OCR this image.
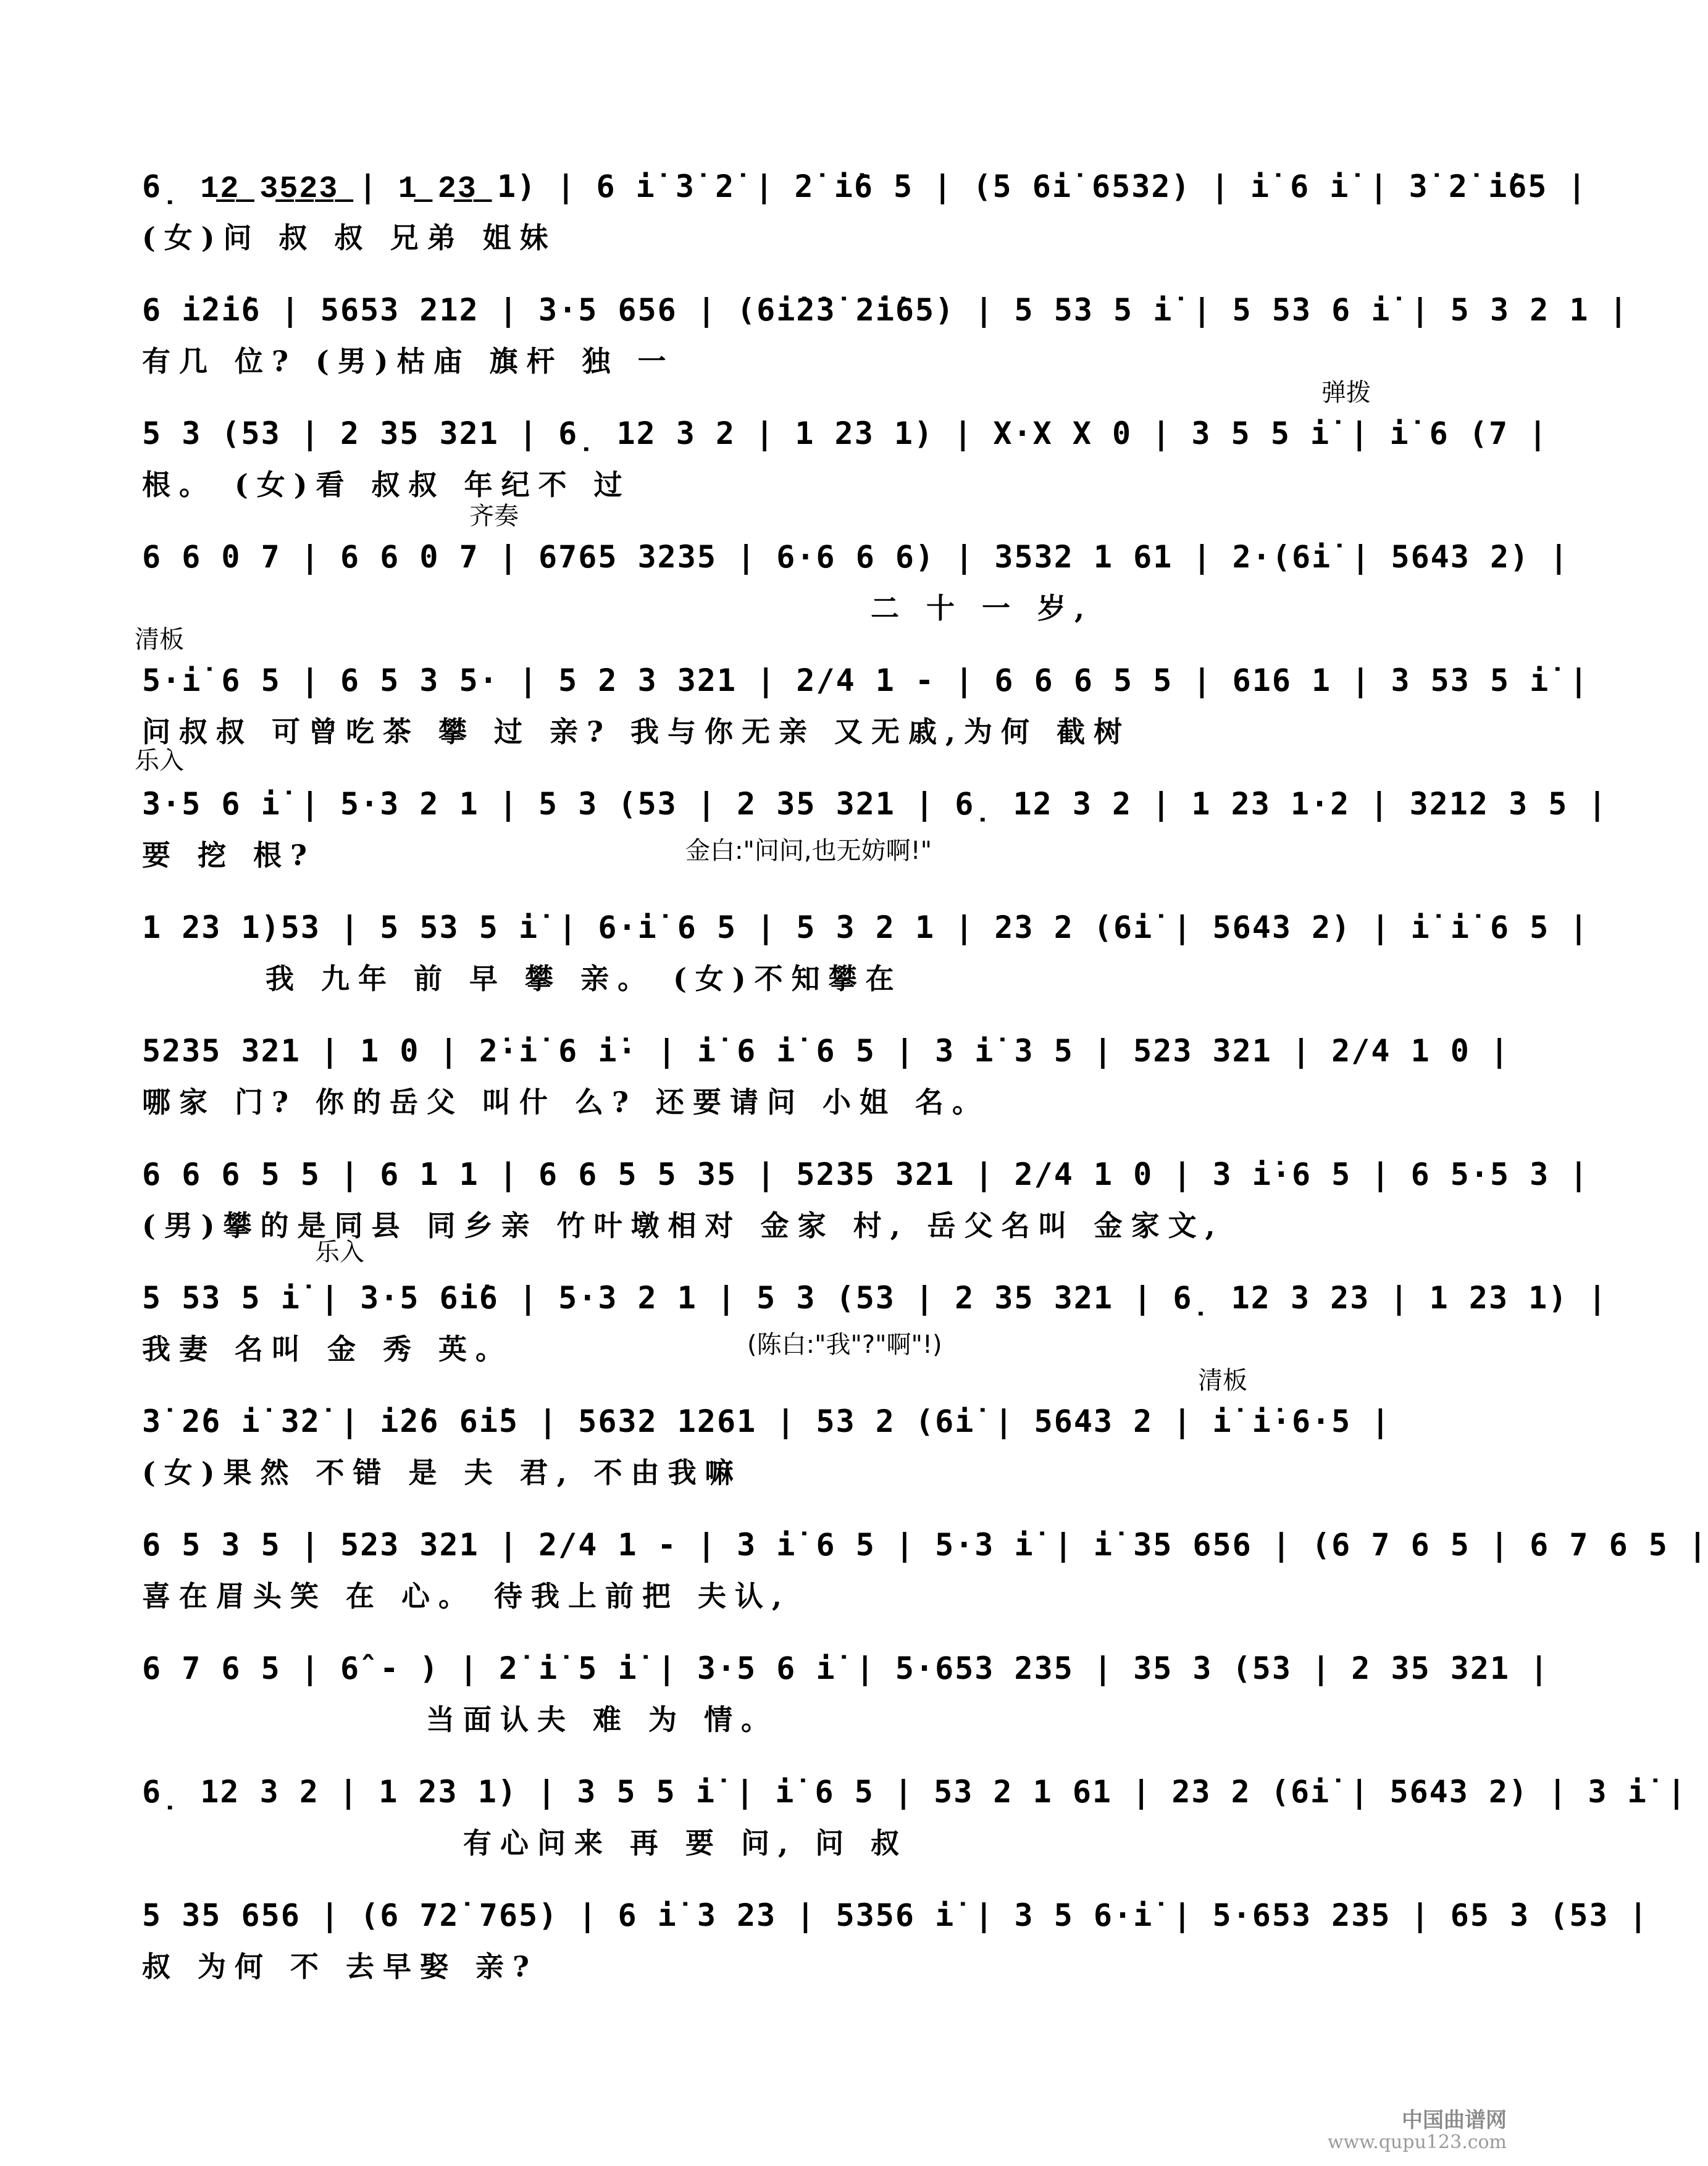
6̣ 1͟2͟ 3͟5͟2͟3͟ | 1͟ 2͟3͟ 1) | 6 i̇ 3̇ 2̇ | 2̇ i̇6 5 | (5 6i̇ 6532) | i̇ 6 i̇ | 3̇ 2̇ i̇65 |
(女)问 叔 叔 兄弟 姐妹
6 i̇2̇i̇6 | 5653 212 | 3·5 656 | (6i̇2̇3̇ 2̇i̇65) | 5 53 5 i̇ | 5 53 6 i̇ | 5 3 2 1 |
有几 位? (男)枯庙 旗杆 独 一
5 3 (53 | 2 35 321 | 6̣ 12 3 2 | 1 23 1) | X·X X 0 | 3 5 5 i̇ | i̇ 6 (7 |
根。 (女)看 叔叔 年纪不 过
6 6 0 7 | 6 6 0 7 | 6765 3235 | 6·6 6 6) | 3532 1 61 | 2·(6i̇ | 5643 2) |
二 十 一 岁,
5·i̇ 6 5 | 6 5 3 5· | 5 2 3 321 | 2/4 1 - | 6 6 6 5 5 | 616 1 | 3 53 5 i̇ |
问叔叔 可曾吃茶 攀 过 亲? 我与你无亲 又无戚,为何 截树
3·5 6 i̇ | 5·3 2 1 | 5 3 (53 | 2 35 321 | 6̣ 12 3 2 | 1 23 1·2 | 3212 3 5 |
要 挖 根?
1 23 1)53 | 5 53 5 i̇ | 6·i̇ 6 5 | 5 3 2 1 | 23 2 (6i̇ | 5643 2) | i̇ i̇ 6 5 |
我 九年 前 早 攀 亲。 (女)不知攀在
5235 321 | 1 0 | 2̇·i̇ 6 i̇· | i̇ 6 i̇ 6 5 | 3 i̇ 3 5 | 523 321 | 2/4 1 0 |
哪家 门? 你的岳父 叫什 么? 还要请问 小姐 名。
6 6 6 5 5 | 6 1 1 | 6 6 5 5 35 | 5235 321 | 2/4 1 0 | 3 i̇·6 5 | 6 5·5 3 |
(男)攀的是同县 同乡亲 竹叶墩相对 金家 村, 岳父名叫 金家文,
5 53 5 i̇ | 3·5 6i̇6 | 5·3 2 1 | 5 3 (53 | 2 35 321 | 6̣ 12 3 23 | 1 23 1) |
我妻 名叫 金 秀 英。
3̇ 2̇6 i̇ 3̇2̇ | i̇2̇6 6i̇5 | 5632 1261 | 53 2 (6i̇ | 5643 2 | i̇ i̇·6·5 |
(女)果然 不错 是 夫 君, 不由我嘛
6 5 3 5 | 523 321 | 2/4 1 - | 3 i̇ 6 5 | 5·3 i̇ | i̇ 35 656 | (6 7 6 5 | 6 7 6 5 |
喜在眉头笑 在 心。 待我上前把 夫认,
6 7 6 5 | 6̂ - ) | 2̇ i̇ 5 i̇ | 3·5 6 i̇ | 5·653 235 | 35 3 (53 | 2 35 321 |
当面认夫 难 为 情。
6̣ 12 3 2 | 1 23 1) | 3 5 5 i̇ | i̇ 6 5 | 53 2 1 61 | 23 2 (6i̇ | 5643 2) | 3 i̇ |
有心问来 再 要 问, 问 叔
5 35 656 | (6 72̇ 765) | 6 i̇ 3 23 | 5356 i̇ | 3 5 6·i̇ | 5·653 235 | 65 3 (53 |
叔 为何 不 去早娶 亲?
弹拨
齐奏
清板
乐入
金白:"问问,也无妨啊!"
乐入
(陈白:"我"?"啊"!)
清板
中国曲谱网
www.qupu123.com
